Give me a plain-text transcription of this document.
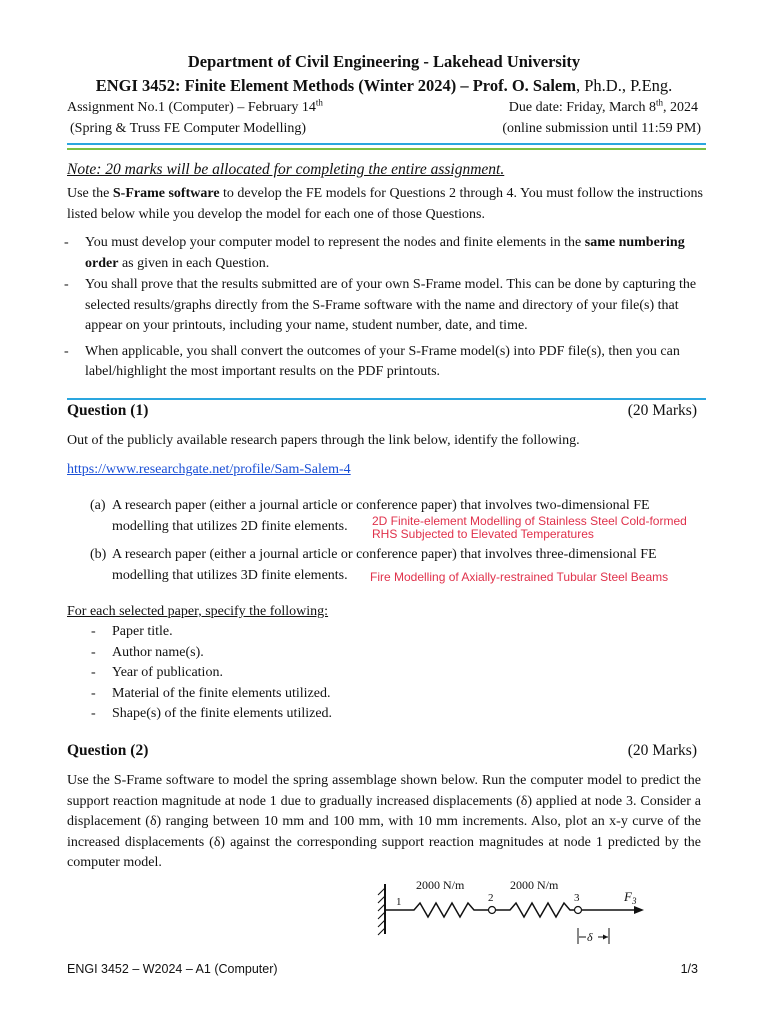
Department of Civil Engineering - Lakehead University
ENGI 3452: Finite Element Methods (Winter 2024) – Prof. O. Salem, Ph.D., P.Eng.
Assignment No.1 (Computer) – February 14th	Due date: Friday, March 8th, 2024
(Spring & Truss FE Computer Modelling)	(online submission until 11:59 PM)
Note: 20 marks will be allocated for completing the entire assignment.
Use the S-Frame software to develop the FE models for Questions 2 through 4. You must follow the instructions listed below while you develop the model for each one of those Questions.
- You must develop your computer model to represent the nodes and finite elements in the same numbering order as given in each Question.
- You shall prove that the results submitted are of your own S-Frame model. This can be done by capturing the selected results/graphs directly from the S-Frame software with the name and directory of your file(s) that appear on your printouts, including your name, student number, date, and time.
- When applicable, you shall convert the outcomes of your S-Frame model(s) into PDF file(s), then you can label/highlight the most important results on the PDF printouts.
Question (1)	(20 Marks)
Out of the publicly available research papers through the link below, identify the following.
https://www.researchgate.net/profile/Sam-Salem-4
(a) A research paper (either a journal article or conference paper) that involves two-dimensional FE
modelling that utilizes 2D finite elements.	2D Finite-element Modelling of Stainless Steel Cold-formed
RHS Subjected to Elevated Temperatures
(b) A research paper (either a journal article or conference paper) that involves three-dimensional FE
modelling that utilizes 3D finite elements.	Fire Modelling of Axially-restrained Tubular Steel Beams
For each selected paper, specify the following:
- Paper title.
- Author name(s).
- Year of publication.
- Material of the finite elements utilized.
- Shape(s) of the finite elements utilized.
Question (2)	(20 Marks)
Use the S-Frame software to model the spring assemblage shown below. Run the computer model to predict the support reaction magnitude at node 1 due to gradually increased displacements (δ) applied at node 3. Consider a displacement (δ) ranging between 10 mm and 100 mm, with 10 mm increments. Also, plot an x-y curve of the increased displacements (δ) against the corresponding support reaction magnitudes at node 1 predicted by the computer model.
2000 N/m	2000 N/m
1	2	3	$F_3$
δ
ENGI 3452 – W2024 – A1 (Computer)	1/3
